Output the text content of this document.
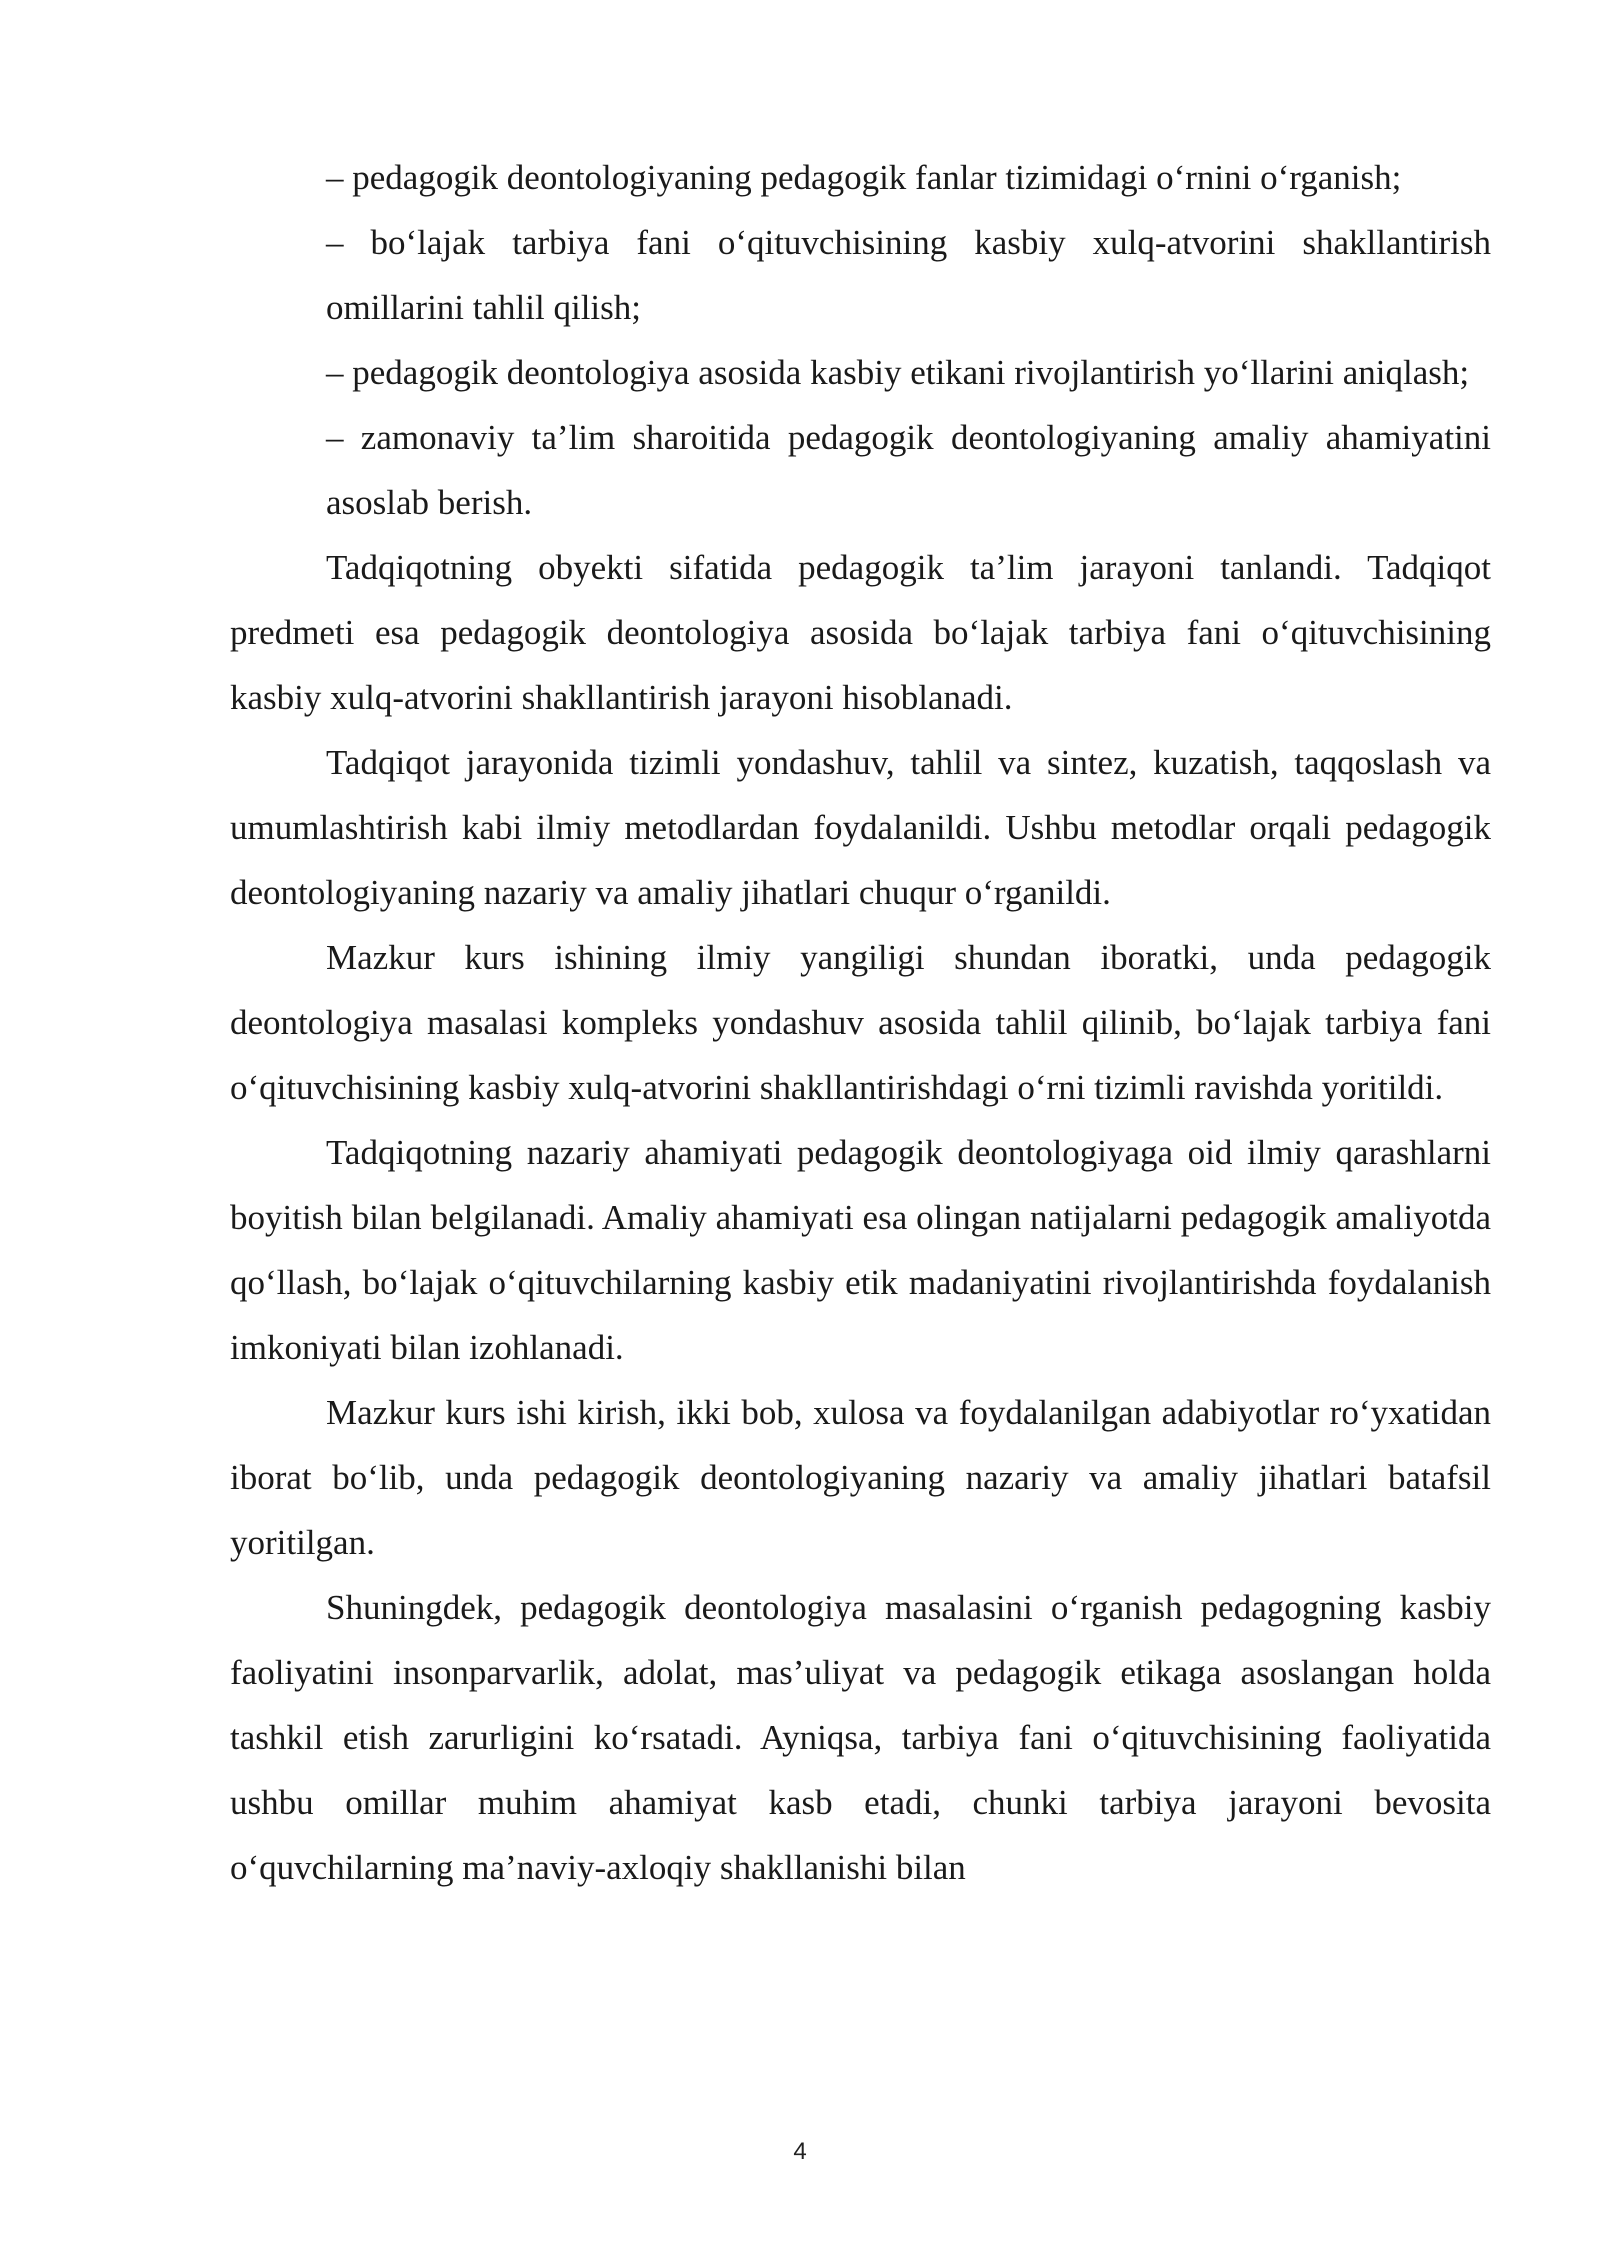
– pedagogik deontologiyaning pedagogik fanlar tizimidagi o‘rnini o‘rganish;

– bo‘lajak tarbiya fani o‘qituvchisining kasbiy xulq-atvorini shakllantirish omillarini tahlil qilish;

– pedagogik deontologiya asosida kasbiy etikani rivojlantirish yo‘llarini aniqlash;

– zamonaviy ta’lim sharoitida pedagogik deontologiyaning amaliy ahamiyatini asoslab berish.

Tadqiqotning obyekti sifatida pedagogik ta’lim jarayoni tanlandi. Tadqiqot predmeti esa pedagogik deontologiya asosida bo‘lajak tarbiya fani o‘qituvchisining kasbiy xulq-atvorini shakllantirish jarayoni hisoblanadi.

Tadqiqot jarayonida tizimli yondashuv, tahlil va sintez, kuzatish, taqqoslash va umumlashtirish kabi ilmiy metodlardan foydalanildi. Ushbu metodlar orqali pedagogik deontologiyaning nazariy va amaliy jihatlari chuqur o‘rganildi.

Mazkur kurs ishining ilmiy yangiligi shundan iboratki, unda pedagogik deontologiya masalasi kompleks yondashuv asosida tahlil qilinib, bo‘lajak tarbiya fani o‘qituvchisining kasbiy xulq-atvorini shakllantirishdagi o‘rni tizimli ravishda yoritildi.

Tadqiqotning nazariy ahamiyati pedagogik deontologiyaga oid ilmiy qarashlarni boyitish bilan belgilanadi. Amaliy ahamiyati esa olingan natijalarni pedagogik amaliyotda qo‘llash, bo‘lajak o‘qituvchilarning kasbiy etik madaniyatini rivojlantirishda foydalanish imkoniyati bilan izohlanadi.

Mazkur kurs ishi kirish, ikki bob, xulosa va foydalanilgan adabiyotlar ro‘yxatidan iborat bo‘lib, unda pedagogik deontologiyaning nazariy va amaliy jihatlari batafsil yoritilgan.

Shuningdek, pedagogik deontologiya masalasini o‘rganish pedagogning kasbiy faoliyatini insonparvarlik, adolat, mas’uliyat va pedagogik etikaga asoslangan holda tashkil etish zarurligini ko‘rsatadi. Ayniqsa, tarbiya fani o‘qituvchisining faoliyatida ushbu omillar muhim ahamiyat kasb etadi, chunki tarbiya jarayoni bevosita o‘quvchilarning ma’naviy-axloqiy shakllanishi bilan

4
